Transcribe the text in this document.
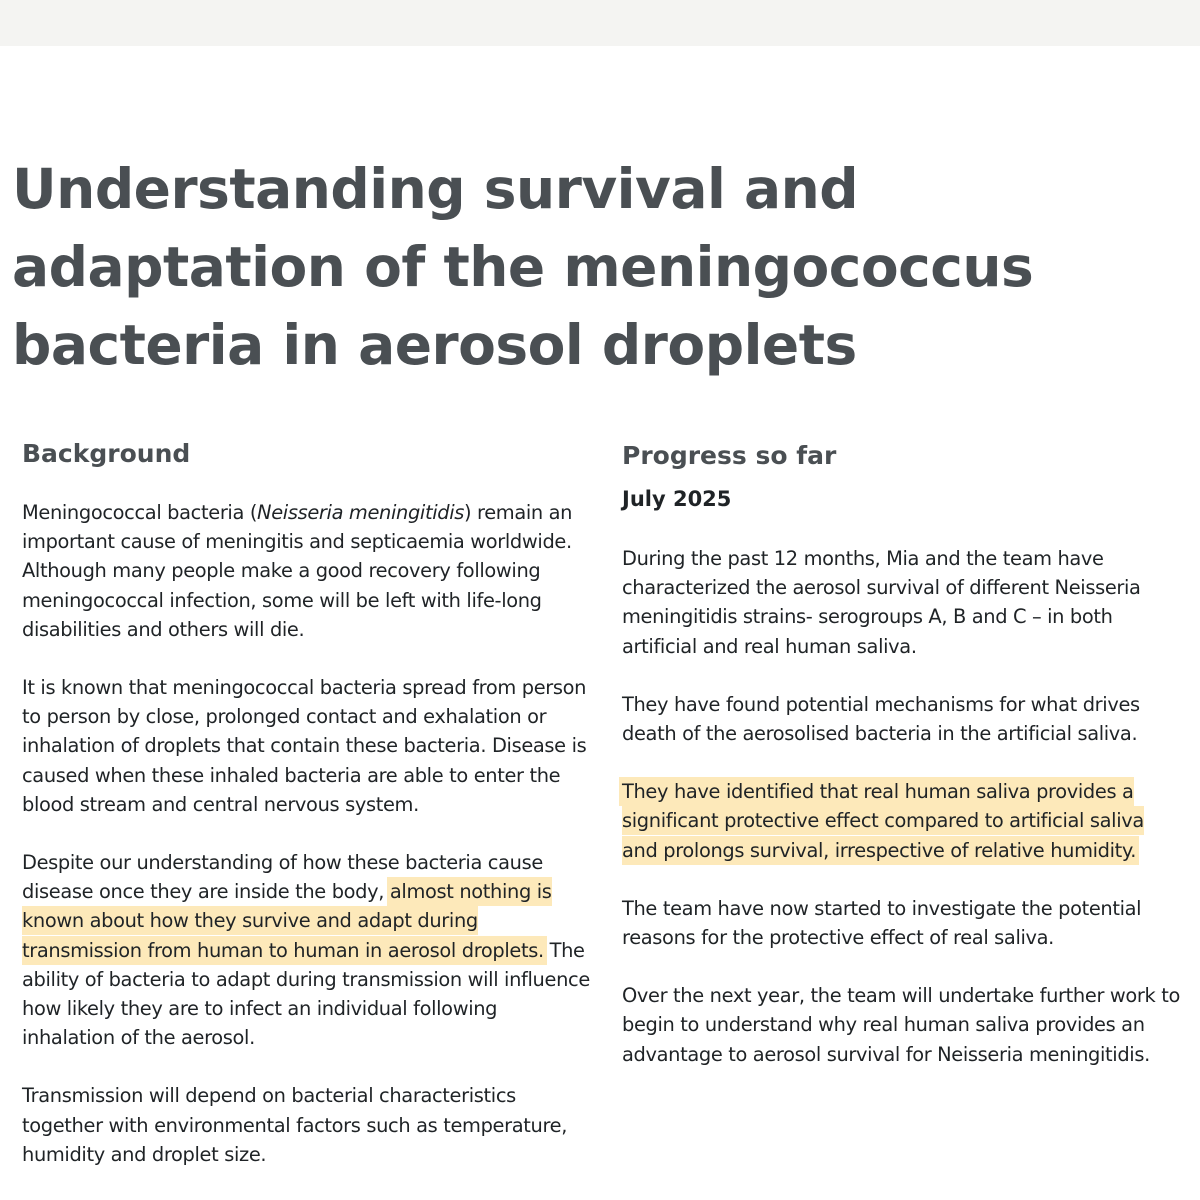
Understanding survival and adaptation of the meningococcus bacteria in aerosol droplets
Background

Meningococcal bacteria (Neisseria meningitidis) remain an important cause of meningitis and septicaemia worldwide. Although many people make a good recovery following meningococcal infection, some will be left with life-long disabilities and others will die.

It is known that meningococcal bacteria spread from person to person by close, prolonged contact and exhalation or inhalation of droplets that contain these bacteria. Disease is caused when these inhaled bacteria are able to enter the blood stream and central nervous system.

Despite our understanding of how these bacteria cause disease once they are inside the body, almost nothing is known about how they survive and adapt during transmission from human to human in aerosol droplets. The ability of bacteria to adapt during transmission will influence how likely they are to infect an individual following inhalation of the aerosol.

Transmission will depend on bacterial characteristics together with environmental factors such as temperature, humidity and droplet size.

Progress so far
July 2025

During the past 12 months, Mia and the team have characterized the aerosol survival of different Neisseria meningitidis strains- serogroups A, B and C – in both artificial and real human saliva.

They have found potential mechanisms for what drives death of the aerosolised bacteria in the artificial saliva.

They have identified that real human saliva provides a significant protective effect compared to artificial saliva and prolongs survival, irrespective of relative humidity.

The team have now started to investigate the potential reasons for the protective effect of real saliva.

Over the next year, the team will undertake further work to begin to understand why real human saliva provides an advantage to aerosol survival for Neisseria meningitidis.
